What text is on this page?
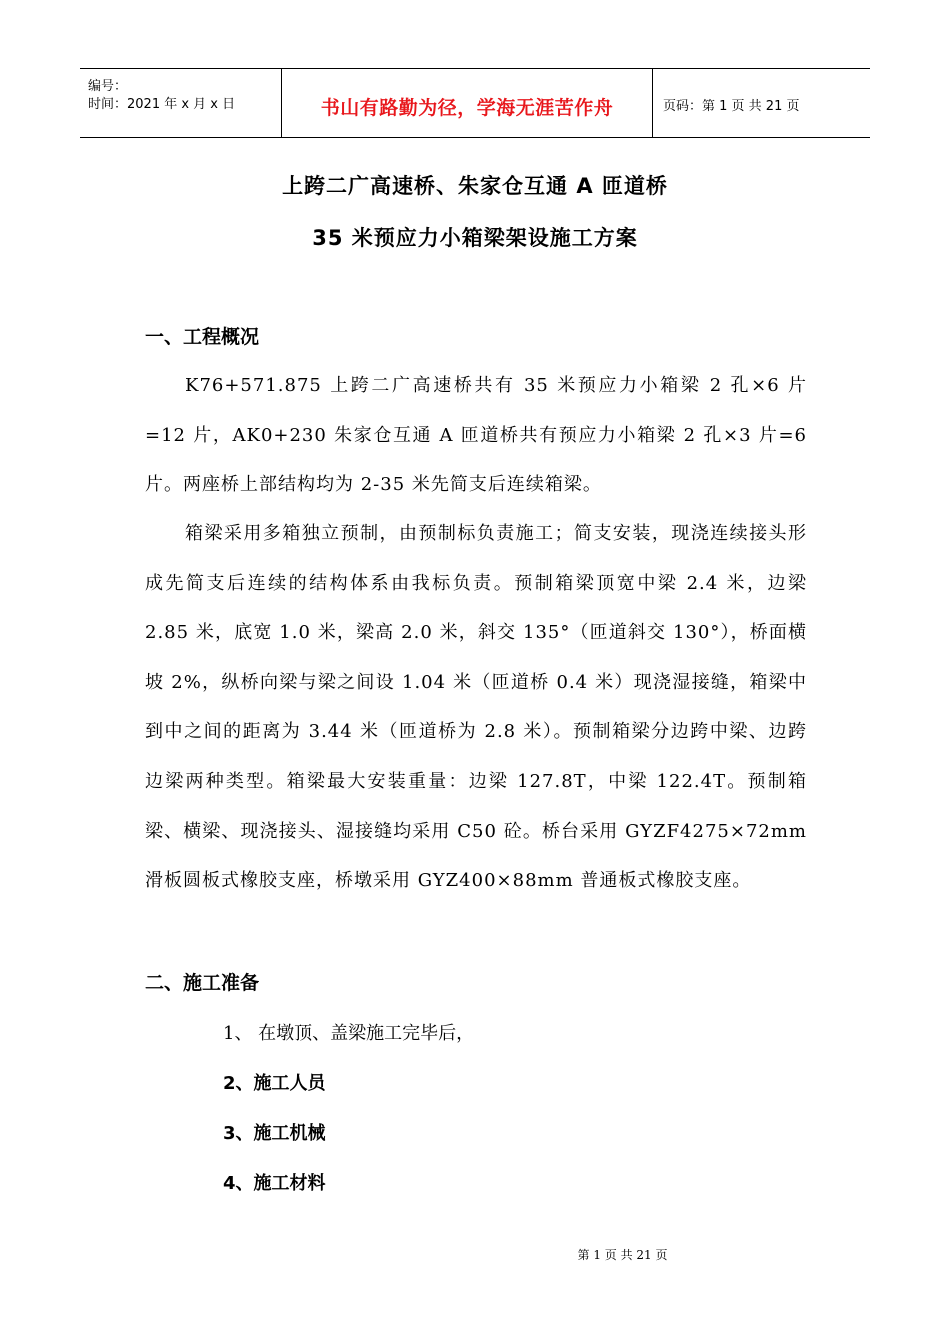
编号：
时间：2021 年 x 月 x 日	书山有路勤为径，学海无涯苦作舟	页码：第 1 页 共 21 页
上跨二广高速桥、朱家仓互通 A 匝道桥
35 米预应力小箱梁架设施工方案
一、工程概况
K76+571.875 上跨二广高速桥共有 35 米预应力小箱梁 2 孔×6 片=12 片，AK0+230 朱家仓互通 A 匝道桥共有预应力小箱梁 2 孔×3 片=6 片。两座桥上部结构均为 2-35 米先简支后连续箱梁。
箱梁采用多箱独立预制，由预制标负责施工；简支安装，现浇连续接头形成先简支后连续的结构体系由我标负责。预制箱梁顶宽中梁 2.4 米，边梁 2.85 米，底宽 1.0 米，梁高 2.0 米，斜交 135°（匝道斜交 130°），桥面横坡 2%，纵桥向梁与梁之间设 1.04 米（匝道桥 0.4 米）现浇湿接缝，箱梁中到中之间的距离为 3.44 米（匝道桥为 2.8 米）。预制箱梁分边跨中梁、边跨边梁两种类型。箱梁最大安装重量：边梁 127.8T，中梁 122.4T。预制箱梁、横梁、现浇接头、湿接缝均采用 C50 砼。桥台采用 GYZF4275×72mm 滑板圆板式橡胶支座，桥墩采用 GYZ400×88mm 普通板式橡胶支座。
二、施工准备
1、 在墩顶、盖梁施工完毕后，
2、施工人员
3、施工机械
4、施工材料
第 1 页 共 21 页
